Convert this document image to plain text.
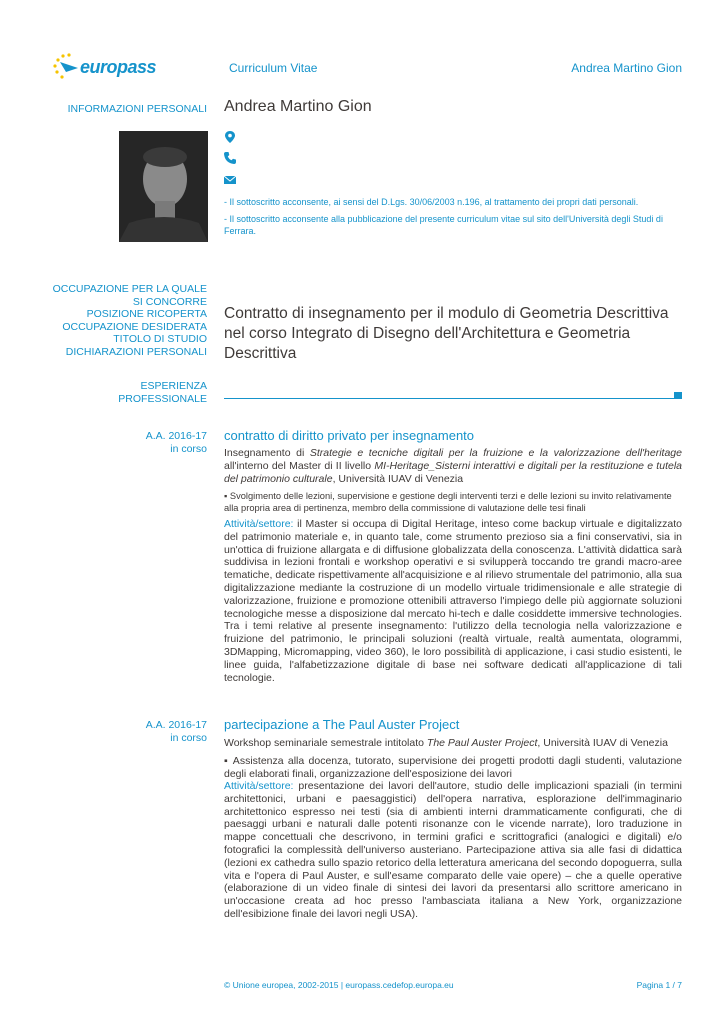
europass	Curriculum Vitae	Andrea Martino Gion
INFORMAZIONI PERSONALI Andrea Martino Gion
- Il sottoscritto acconsente, ai sensi del D.Lgs. 30/06/2003 n.196, al trattamento dei propri dati personali.
- Il sottoscritto acconsente alla pubblicazione del presente curriculum vitae sul sito dell'Università degli Studi di Ferrara.
OCCUPAZIONE PER LA QUALE
SI CONCORRE
POSIZIONE RICOPERTA
OCCUPAZIONE DESIDERATA
TITOLO DI STUDIO
DICHIARAZIONI PERSONALI
Contratto di insegnamento per il modulo di Geometria Descrittiva nel corso Integrato di Disegno dell'Architettura e Geometria Descrittiva
ESPERIENZA
PROFESSIONALE
A.A. 2016-17
in corso
contratto di diritto privato per insegnamento
Insegnamento di Strategie e tecniche digitali per la fruizione e la valorizzazione dell'heritage all'interno del Master di II livello MI-Heritage_Sisterni interattivi e digitali per la restituzione e tutela del patrimonio culturale, Università IUAV di Venezia
▪ Svolgimento delle lezioni, supervisione e gestione degli interventi terzi e delle lezioni su invito relativamente alla propria area di pertinenza, membro della commissione di valutazione delle tesi finali
Attività/settore: il Master si occupa di Digital Heritage, inteso come backup virtuale e digitalizzato del patrimonio materiale e, in quanto tale, come strumento prezioso sia a fini conservativi, sia in un'ottica di fruizione allargata e di diffusione globalizzata della conoscenza. L'attività didattica sarà suddivisa in lezioni frontali e workshop operativi e si svilupperà toccando tre grandi macro-aree tematiche, dedicate rispettivamente all'acquisizione e al rilievo strumentale del patrimonio, alla sua digitalizzazione mediante la costruzione di un modello virtuale tridimensionale e alle strategie di valorizzazione, fruizione e promozione ottenibili attraverso l'impiego delle più aggiornate soluzioni tecnologiche messe a disposizione dal mercato hi-tech e dalle cosiddette immersive technologies. Tra i temi relative al presente insegnamento: l'utilizzo della tecnologia nella valorizzazione e fruizione del patrimonio, le principali soluzioni (realtà virtuale, realtà aumentata, ologrammi, 3DMapping, Micromapping, video 360), le loro possibilità di applicazione, i casi studio esistenti, le linee guida, l'alfabetizzazione digitale di base nei software dedicati all'applicazione di tali tecnologie.
A.A. 2016-17
in corso
partecipazione a The Paul Auster Project
Workshop seminariale semestrale intitolato The Paul Auster Project, Università IUAV di Venezia
▪ Assistenza alla docenza, tutorato, supervisione dei progetti prodotti dagli studenti, valutazione degli elaborati finali, organizzazione dell'esposizione dei lavori
Attività/settore: presentazione dei lavori dell'autore, studio delle implicazioni spaziali (in termini architettonici, urbani e paesaggistici) dell'opera narrativa, esplorazione dell'immaginario architettonico espresso nei testi (sia di ambienti interni drammaticamente configurati, che di paesaggi urbani e naturali dalle potenti risonanze con le vicende narrate), loro traduzione in mappe concettuali che descrivono, in termini grafici e scrittografici (analogici e digitali) e/o fotografici la complessità dell'universo austeriano. Partecipazione attiva sia alle fasi di didattica (lezioni ex cathedra sullo spazio retorico della letteratura americana del secondo dopoguerra, sulla vita e l'opera di Paul Auster, e sull'esame comparato delle vaie opere) – che a quelle operative (elaborazione di un video finale di sintesi dei lavori da presentarsi allo scrittore americano in un'occasione creata ad hoc presso l'ambasciata italiana a New York, organizzazione dell'esibizione finale dei lavori negli USA).
© Unione europea, 2002-2015 | europass.cedefop.europa.eu	Pagina 1 / 7
